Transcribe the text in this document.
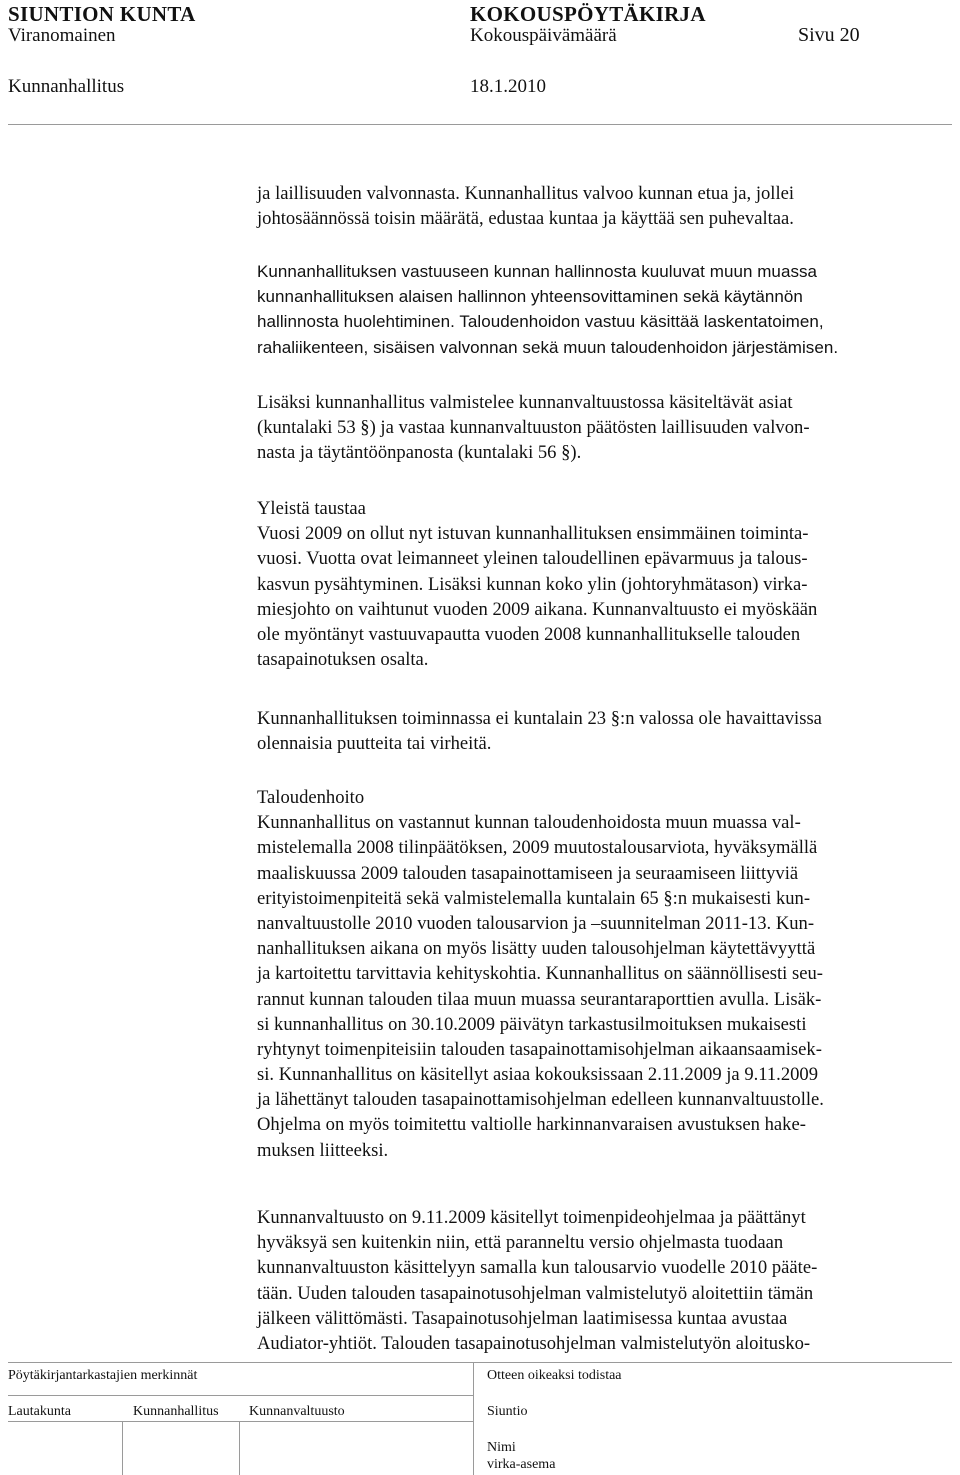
SIUNTION KUNTA	KOKOUSPÖYTÄKIRJA
Viranomainen	Kokouspäivämäärä	Sivu 20
Kunnanhallitus	18.1.2010
ja laillisuuden valvonnasta. Kunnanhallitus valvoo kunnan etua ja, jollei
johtosäännössä toisin määrätä, edustaa kuntaa ja käyttää sen puhevaltaa.
Kunnanhallituksen vastuuseen kunnan hallinnosta kuuluvat muun muassa
kunnanhallituksen alaisen hallinnon yhteensovittaminen sekä käytännön
hallinnosta huolehtiminen. Taloudenhoidon vastuu käsittää laskentatoimen,
rahaliikenteen, sisäisen valvonnan sekä muun taloudenhoidon järjestämisen.
Lisäksi kunnanhallitus valmistelee kunnanvaltuustossa käsiteltävät asiat
(kuntalaki 53 §) ja vastaa kunnanvaltuuston päätösten laillisuuden valvon-
nasta ja täytäntöönpanosta (kuntalaki 56 §).
Yleistä taustaa
Vuosi 2009 on ollut nyt istuvan kunnanhallituksen ensimmäinen toiminta-
vuosi. Vuotta ovat leimanneet yleinen taloudellinen epävarmuus ja talous-
kasvun pysähtyminen. Lisäksi kunnan koko ylin (johtoryhmätason) virka-
miesjohto on vaihtunut vuoden 2009 aikana. Kunnanvaltuusto ei myöskään
ole myöntänyt vastuuvapautta vuoden 2008 kunnanhallitukselle talouden
tasapainotuksen osalta.
Kunnanhallituksen toiminnassa ei kuntalain 23 §:n valossa ole havaittavissa
olennaisia puutteita tai virheitä.
Taloudenhoito
Kunnanhallitus on vastannut kunnan taloudenhoidosta muun muassa val-
mistelemalla 2008 tilinpäätöksen, 2009 muutostalousarviota, hyväksymällä
maaliskuussa 2009 talouden tasapainottamiseen ja seuraamiseen liittyviä
erityistoimenpiteitä sekä valmistelemalla kuntalain 65 §:n mukaisesti kun-
nanvaltuustolle 2010 vuoden talousarvion ja –suunnitelman 2011-13. Kun-
nanhallituksen aikana on myös lisätty uuden talousohjelman käytettävyyttä
ja kartoitettu tarvittavia kehityskohtia. Kunnanhallitus on säännöllisesti seu-
rannut kunnan talouden tilaa muun muassa seurantaraporttien avulla. Lisäk-
si kunnanhallitus on 30.10.2009 päivätyn tarkastusilmoituksen mukaisesti
ryhtynyt toimenpiteisiin talouden tasapainottamisohjelman aikaansaamisek-
si. Kunnanhallitus on käsitellyt asiaa kokouksissaan 2.11.2009 ja 9.11.2009
ja lähettänyt talouden tasapainottamisohjelman edelleen kunnanvaltuustolle.
Ohjelma on myös toimitettu valtiolle harkinnanvaraisen avustuksen hake-
muksen liitteeksi.
Kunnanvaltuusto on 9.11.2009 käsitellyt toimenpideohjelmaa ja päättänyt
hyväksyä sen kuitenkin niin, että paranneltu versio ohjelmasta tuodaan
kunnanvaltuuston käsittelyyn samalla kun talousarvio vuodelle 2010 pääte-
tään. Uuden talouden tasapainotusohjelman valmistelutyö aloitettiin tämän
jälkeen välittömästi. Tasapainotusohjelman laatimisessa kuntaa avustaa
Audiator-yhtiöt. Talouden tasapainotusohjelman valmistelutyön aloitusko-
Pöytäkirjantarkastajien merkinnät	Otteen oikeaksi todistaa
Lautakunta	Kunnanhallitus Kunnanvaltuusto	Siuntio
Nimi
virka-asema
